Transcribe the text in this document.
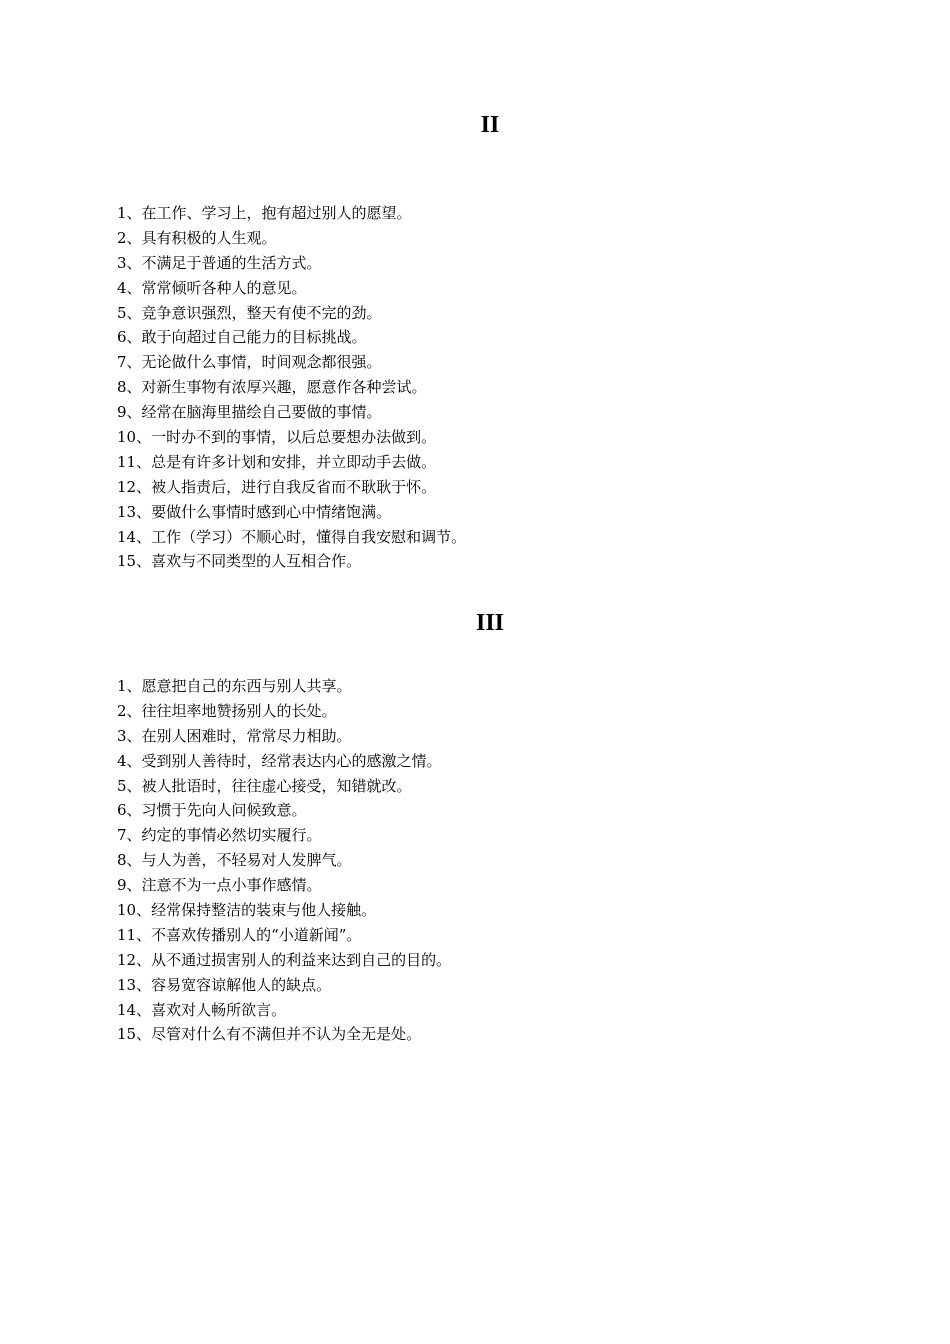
II
1、在工作、学习上，抱有超过别人的愿望。
2、具有积极的人生观。
3、不满足于普通的生活方式。
4、常常倾听各种人的意见。
5、竞争意识强烈，整天有使不完的劲。
6、敢于向超过自己能力的目标挑战。
7、无论做什么事情，时间观念都很强。
8、对新生事物有浓厚兴趣，愿意作各种尝试。
9、经常在脑海里描绘自己要做的事情。
10、一时办不到的事情，以后总要想办法做到。
11、总是有许多计划和安排，并立即动手去做。
12、被人指责后，进行自我反省而不耿耿于怀。
13、要做什么事情时感到心中情绪饱满。
14、工作（学习）不顺心时，懂得自我安慰和调节。
15、喜欢与不同类型的人互相合作。
III
1、愿意把自己的东西与别人共享。
2、往往坦率地赞扬别人的长处。
3、在别人困难时，常常尽力相助。
4、受到别人善待时，经常表达内心的感激之情。
5、被人批语时，往往虚心接受，知错就改。
6、习惯于先向人问候致意。
7、约定的事情必然切实履行。
8、与人为善，不轻易对人发脾气。
9、注意不为一点小事作感情。
10、经常保持整洁的装束与他人接触。
11、不喜欢传播别人的“小道新闻”。
12、从不通过损害别人的利益来达到自己的目的。
13、容易宽容谅解他人的缺点。
14、喜欢对人畅所欲言。
15、尽管对什么有不满但并不认为全无是处。
